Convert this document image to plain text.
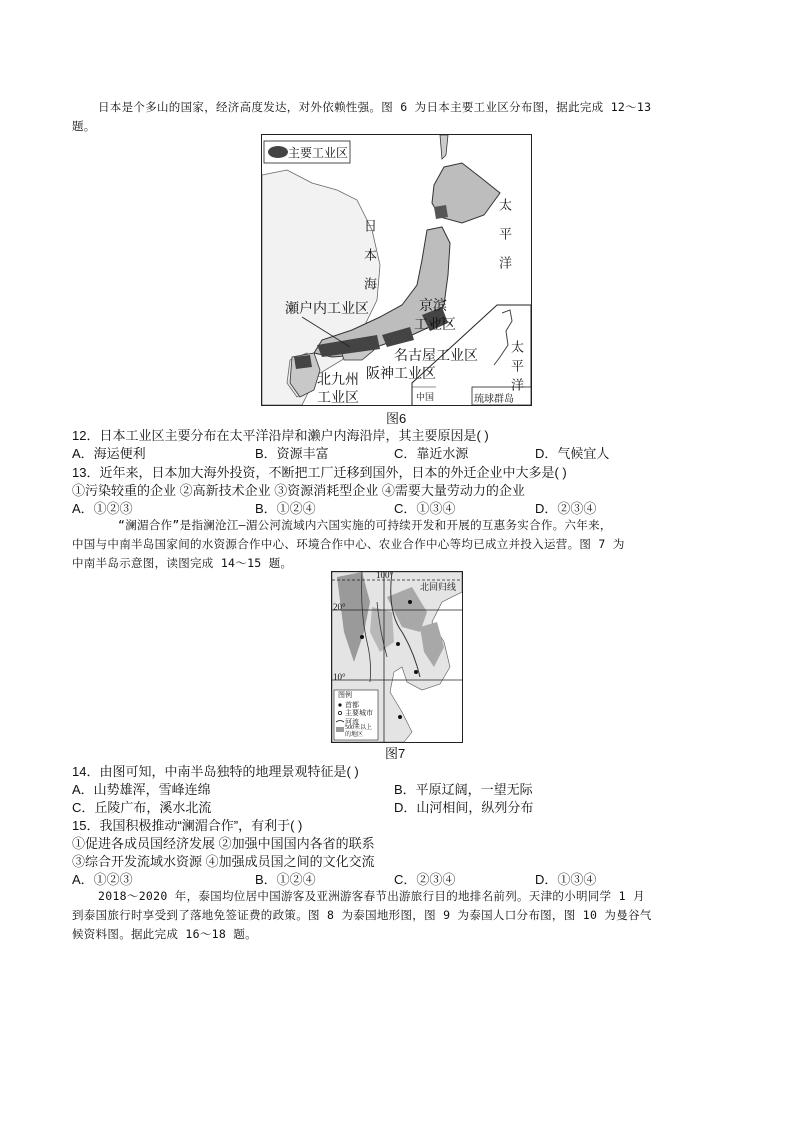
日本是个多山的国家，经济高度发达，对外依赖性强。图 6 为日本主要工业区分布图，据此完成 12～13
题。
主要工业区
日本海	太平洋
瀬户内工业区	京滨
工业区
名古屋工业区
阪神工业区
北九州
工业区
太平洋
中国	琉球群岛
图6
12．日本工业区主要分布在太平洋沿岸和濑户内海沿岸，其主要原因是( )
A．海运便利	B．资源丰富	C．靠近水源	D．气候宜人
13．近年来，日本加大海外投资，不断把工厂迁移到国外，日本的外迁企业中大多是( )
①污染较重的企业 ②高新技术企业 ③资源消耗型企业 ④需要大量劳动力的企业
A．①②③	B．①②④	C．①③④	D．②③④
“澜湄合作”是指澜沧江—湄公河流域内六国实施的可持续开发和开展的互惠务实合作。六年来，
中国与中南半岛国家间的水资源合作中心、环境合作中心、农业合作中心等均已成立并投入运营。图 7 为
中南半岛示意图，读图完成 14～15 题。
100°
20°
10°
北回归线
图例
首都
主要城市
河流
500米以上的地区
图7
14．由图可知，中南半岛独特的地理景观特征是( )
A．山势雄浑，雪峰连绵	B．平原辽阔，一望无际
C．丘陵广布，溪水北流	D．山河相间，纵列分布
15．我国积极推动“澜湄合作”，有利于( )
①促进各成员国经济发展 ②加强中国国内各省的联系
③综合开发流域水资源 ④加强成员国之间的文化交流
A．①②③	B．①②④	C．②③④	D．①③④
2018～2020 年，泰国均位居中国游客及亚洲游客春节出游旅行目的地排名前列。天津的小明同学 1 月
到泰国旅行时享受到了落地免签证费的政策。图 8 为泰国地形图，图 9 为泰国人口分布图，图 10 为曼谷气
候资料图。据此完成 16～18 题。
